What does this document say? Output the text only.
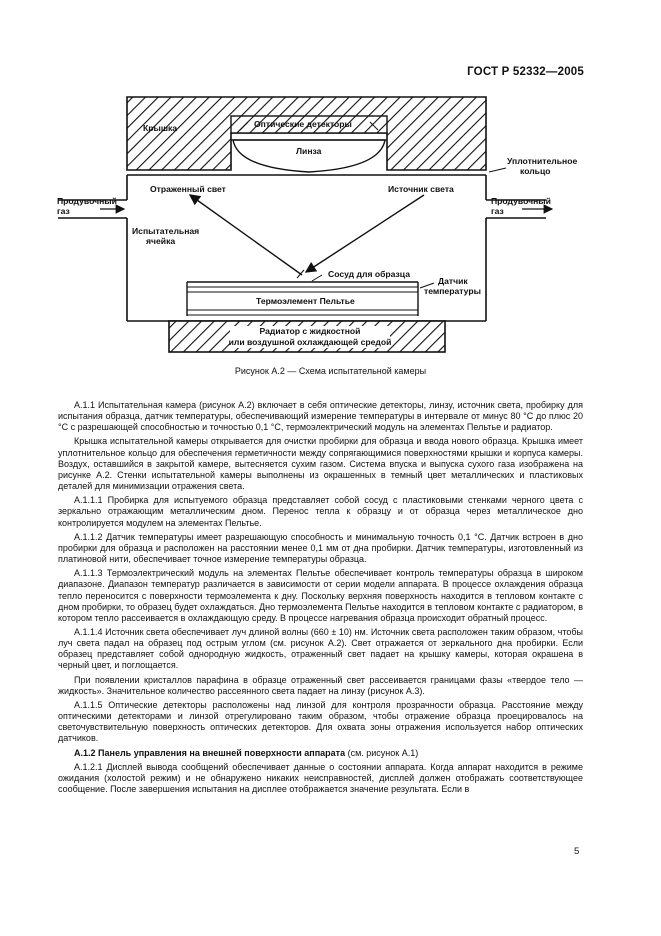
ГОСТ Р 52332—2005
Оптические детекторы
Крышка
Линза
Уплотнительное
кольцо
Отраженный свет	Источник света
Продувочный
газ
Продувочный
газ
Испытательная
ячейка
Сосуд для образца
Датчик
температуры
Термоэлемент Пельтье
Радиатор с жидкостной
или воздушной охлаждающей средой
Рисунок А.2 — Схема испытательной камеры

А.1.1 Испытательная камера (рисунок А.2) включает в себя оптические детекторы, линзу, источник света, пробирку для испытания образца, датчик температуры, обеспечивающий измерение температуры в интервале от минус 80 °С до плюс 20 °С с разрешающей способностью и точностью 0,1 °С, термоэлектрический модуль на элементах Пельтье и радиатор.

Крышка испытательной камеры открывается для очистки пробирки для образца и ввода нового образца. Крышка имеет уплотнительное кольцо для обеспечения герметичности между сопрягающимися поверхностями крышки и корпуса камеры. Воздух, оставшийся в закрытой камере, вытесняется сухим газом. Система впуска и выпуска сухого газа изображена на рисунке А.2. Стенки испытательной камеры выполнены из окрашенных в темный цвет металлических и пластиковых деталей для минимизации отражения света.

А.1.1.1 Пробирка для испытуемого образца представляет собой сосуд с пластиковыми стенками черного цвета с зеркально отражающим металлическим дном. Перенос тепла к образцу и от образца через металлическое дно контролируется модулем на элементах Пельтье.

А.1.1.2 Датчик температуры имеет разрешающую способность и минимальную точность 0,1 °С. Датчик встроен в дно пробирки для образца и расположен на расстоянии менее 0,1 мм от дна пробирки. Датчик температуры, изготовленный из платиновой нити, обеспечивает точное измерение температуры образца.

А.1.1.3 Термоэлектрический модуль на элементах Пельтье обеспечивает контроль температуры образца в широком диапазоне. Диапазон температур различается в зависимости от серии модели аппарата. В процессе охлаждения образца тепло переносится с поверхности термоэлемента к дну. Поскольку верхняя поверхность находится в тепловом контакте с дном пробирки, то образец будет охлаждаться. Дно термоэлемента Пельтье находится в тепловом контакте с радиатором, в котором тепло рассеивается в охлаждающую среду. В процессе нагревания образца происходит обратный процесс.

А.1.1.4 Источник света обеспечивает луч длиной волны (660 ± 10) нм. Источник света расположен таким образом, чтобы луч света падал на образец под острым углом (см. рисунок А.2). Свет отражается от зеркального дна пробирки. Если образец представляет собой однородную жидкость, отраженный свет падает на крышку камеры, которая окрашена в черный цвет, и поглощается.

При появлении кристаллов парафина в образце отраженный свет рассеивается границами фазы «твердое тело — жидкость». Значительное количество рассеянного света падает на линзу (рисунок А.3).

А.1.1.5 Оптические детекторы расположены над линзой для контроля прозрачности образца. Расстояние между оптическими детекторами и линзой отрегулировано таким образом, чтобы отражение образца проецировалось на светочувствительную поверхность оптических детекторов. Для охвата зоны отражения используется набор оптических датчиков.

А.1.2 Панель управления на внешней поверхности аппарата (см. рисунок А.1)

А.1.2.1 Дисплей вывода сообщений обеспечивает данные о состоянии аппарата. Когда аппарат находится в режиме ожидания (холостой режим) и не обнаружено никаких неисправностей, дисплей должен отображать соответствующее сообщение. После завершения испытания на дисплее отображается значение результата. Если в

5
